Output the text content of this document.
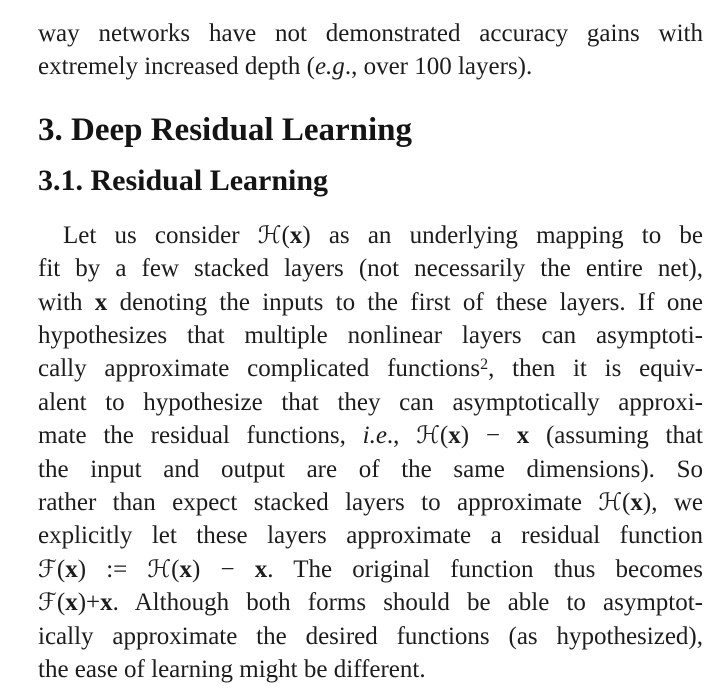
way networks have not demonstrated accuracy gains with
extremely increased depth (e.g., over 100 layers).
3. Deep Residual Learning
3.1. Residual Learning
Let us consider ℋ(x) as an underlying mapping to be
fit by a few stacked layers (not necessarily the entire net),
with x denoting the inputs to the first of these layers. If one
hypothesizes that multiple nonlinear layers can asymptoti-
cally approximate complicated functions$^2$, then it is equiv-
alent to hypothesize that they can asymptotically approxi-
mate the residual functions, i.e., ℋ(x) − x (assuming that
the input and output are of the same dimensions). So
rather than expect stacked layers to approximate ℋ(x), we
explicitly let these layers approximate a residual function
ℱ(x) := ℋ(x) − x. The original function thus becomes
ℱ(x)+x. Although both forms should be able to asymptot-
ically approximate the desired functions (as hypothesized),
the ease of learning might be different.
